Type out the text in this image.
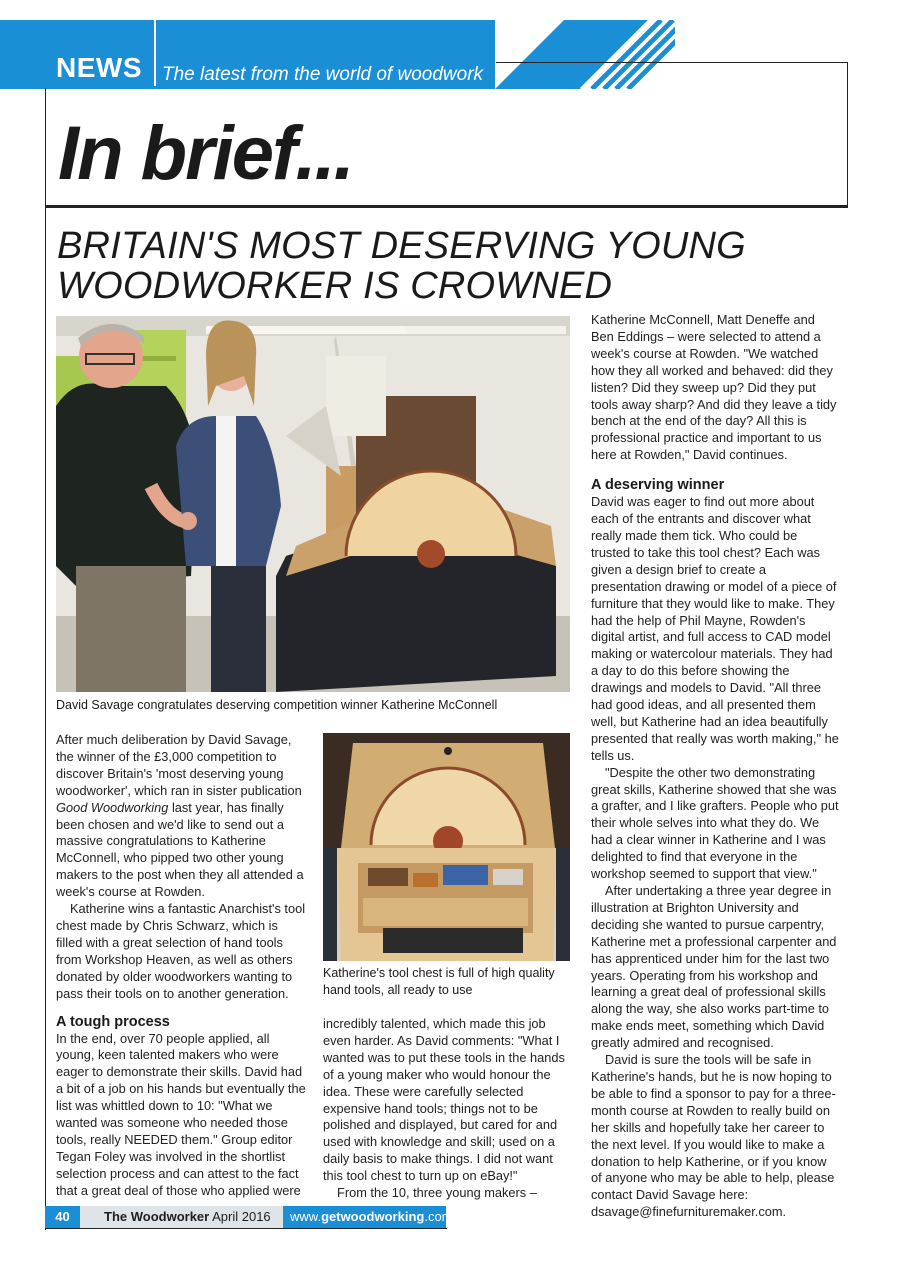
NEWS The latest from the world of woodwork
In brief...
BRITAIN'S MOST DESERVING YOUNG WOODWORKER IS CROWNED
David Savage congratulates deserving competition winner Katherine McConnell

After much deliberation by David Savage, the winner of the £3,000 competition to discover Britain's 'most deserving young woodworker', which ran in sister publication Good Woodworking last year, has finally been chosen and we'd like to send out a massive congratulations to Katherine McConnell, who pipped two other young makers to the post when they all attended a week's course at Rowden.

Katherine wins a fantastic Anarchist's tool chest made by Chris Schwarz, which is filled with a great selection of hand tools from Workshop Heaven, as well as others donated by older woodworkers wanting to pass their tools on to another generation.

A tough process

In the end, over 70 people applied, all young, keen talented makers who were eager to demonstrate their skills. David had a bit of a job on his hands but eventually the list was whittled down to 10: "What we wanted was someone who needed those tools, really NEEDED them." Group editor Tegan Foley was involved in the shortlist selection process and can attest to the fact that a great deal of those who applied were

Katherine's tool chest is full of high quality hand tools, all ready to use

incredibly talented, which made this job even harder. As David comments: "What I wanted was to put these tools in the hands of a young maker who would honour the idea. These were carefully selected expensive hand tools; things not to be polished and displayed, but cared for and used with knowledge and skill; used on a daily basis to make things. I did not want this tool chest to turn up on eBay!"

From the 10, three young makers –

Katherine McConnell, Matt Deneffe and Ben Eddings – were selected to attend a week's course at Rowden. "We watched how they all worked and behaved: did they listen? Did they sweep up? Did they put tools away sharp? And did they leave a tidy bench at the end of the day? All this is professional practice and important to us here at Rowden," David continues.

A deserving winner

David was eager to find out more about each of the entrants and discover what really made them tick. Who could be trusted to take this tool chest? Each was given a design brief to create a presentation drawing or model of a piece of furniture that they would like to make. They had the help of Phil Mayne, Rowden's digital artist, and full access to CAD model making or watercolour materials. They had a day to do this before showing the drawings and models to David. "All three had good ideas, and all presented them well, but Katherine had an idea beautifully presented that really was worth making," he tells us.

"Despite the other two demonstrating great skills, Katherine showed that she was a grafter, and I like grafters. People who put their whole selves into what they do. We had a clear winner in Katherine and I was delighted to find that everyone in the workshop seemed to support that view."

After undertaking a three year degree in illustration at Brighton University and deciding she wanted to pursue carpentry, Katherine met a professional carpenter and has apprenticed under him for the last two years. Operating from his workshop and learning a great deal of professional skills along the way, she also works part-time to make ends meet, something which David greatly admired and recognised.

David is sure the tools will be safe in Katherine's hands, but he is now hoping to be able to find a sponsor to pay for a three-month course at Rowden to really build on her skills and hopefully take her career to the next level. If you would like to make a donation to help Katherine, or if you know of anyone who may be able to help, please contact David Savage here: dsavage@finefurnituremaker.com.

40	The Woodworker April 2016	www.getwoodworking.com
